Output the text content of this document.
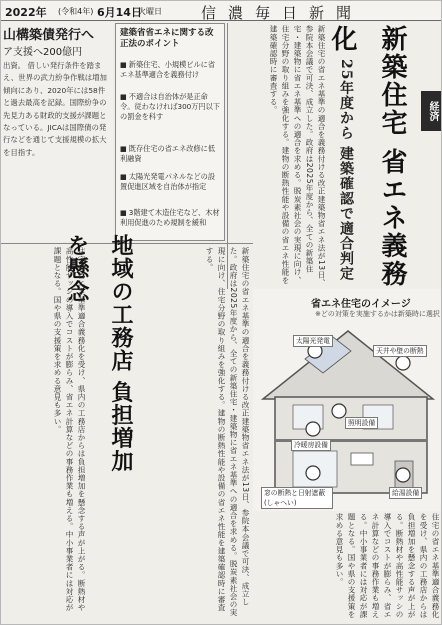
2022年 (令和4年) 6月14日
火曜日	信濃毎日新聞
山構築債発行へ
ア支援へ200億円
出資。 借しい発行条件を踏まえ、世界の武力紛争作戦は増加傾向にあり、2020年には58件と過去最高を記録。国際紛争の先見力ある財政的支援が課題となっている。JICAは国際債の発行などを通じて支援規模の拡大を目指す。
建築省省エネに関する改正法のポイント
■ 新築住宅、小規模ビルに省エネ基準適合を義務付け
■ 不適合は自治体が是正命令。従わなければ300万円以下の罰金を科す
■ 既存住宅の省エネ改修に低利融資
■ 太陽光発電パネルなどの設置促進区域を自治体が指定
■ 3階建て木造住宅など、木材利用促進のため規制を緩和	新築住宅の省エネ基準の適合を義務付ける改正建築物省エネ法が13日、参院本会議で可決、成立した。政府は2025年度から、全ての新築住宅・建築物に省エネ基準への適合を求める。脱炭素社会の実現に向け、住宅分野の取り組みを強化する。建物の断熱性能や設備の省エネ性能を建築確認時に審査する。	25年度から 建築確認で適合判定 新築住宅 省エネ義務化
経済
新築住宅の省エネ基準の適合を義務付ける改正建築物省エネ法が13日、参院本会議で可決、成立した。政府は2025年度から、全ての新築住宅・建築物に省エネ基準への適合を求める。脱炭素社会の実現に向け、住宅分野の取り組みを強化する。建物の断熱性能や設備の省エネ性能を建築確認時に審査する。
地域の工務店 負担増加を懸念
住宅の省エネ基準適合義務化を受け、県内の工務店からは負担増加を懸念する声が上がる。断熱材や高性能サッシの導入でコストが膨らみ、省エネ計算などの事務作業も増える。中小事業者には対応が課題となる。国や県の支援策を求める意見も多い。	省エネ住宅のイメージ
※どの対策を実施するかは新築時に選択
太陽光発電
天井や壁の断熱
照明設備
冷暖房設備
窓の断熱と日射遮蔽(しゃへい)
給湯設備
住宅の省エネ基準適合義務化を受け、県内の工務店からは負担増加を懸念する声が上がる。断熱材や高性能サッシの導入でコストが膨らみ、省エネ計算などの事務作業も増える。中小事業者には対応が課題となる。国や県の支援策を求める意見も多い。
